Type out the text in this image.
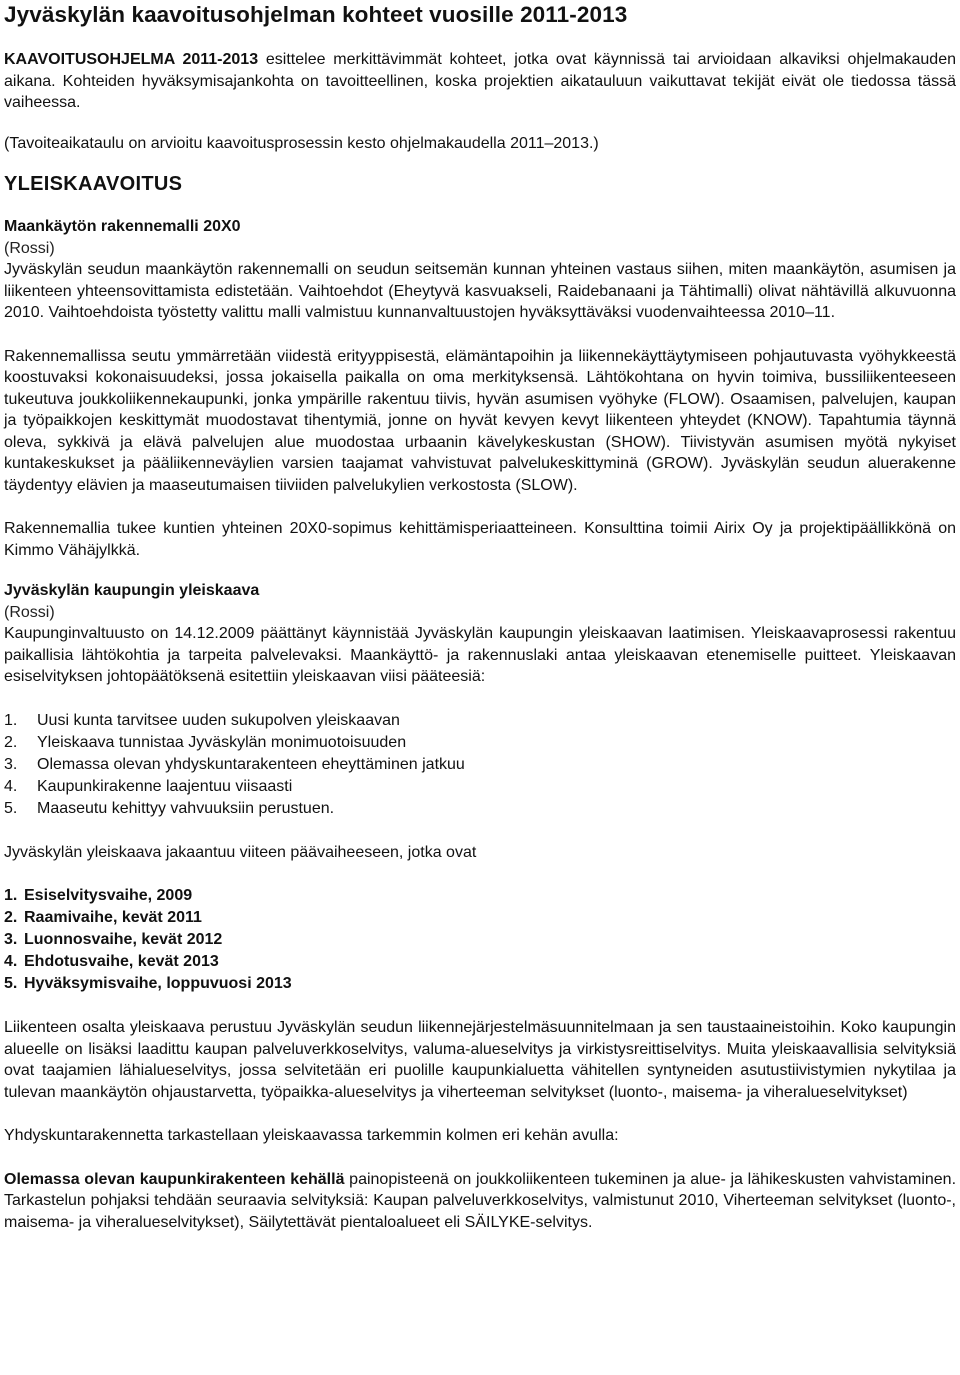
Jyväskylän kaavoitusohjelman kohteet vuosille 2011-2013

KAAVOITUSOHJELMA 2011-2013 esittelee merkittävimmät kohteet, jotka ovat käynnissä tai arvioidaan alkaviksi ohjelmakauden aikana. Kohteiden hyväksymisajankohta on tavoitteellinen, koska projektien aikatauluun vaikuttavat tekijät eivät ole tiedossa tässä vaiheessa.

(Tavoiteaikataulu on arvioitu kaavoitusprosessin kesto ohjelmakaudella 2011–2013.)

YLEISKAAVOITUS
Maankäytön rakennemalli 20X0
(Rossi)

Jyväskylän seudun maankäytön rakennemalli on seudun seitsemän kunnan yhteinen vastaus siihen, miten maankäytön, asumisen ja liikenteen yhteensovittamista edistetään. Vaihtoehdot (Eheytyvä kasvuakseli, Raidebanaani ja Tähtimalli) olivat nähtävillä alkuvuonna 2010. Vaihtoehdoista työstetty valittu malli valmistuu kunnanvaltuustojen hyväksyttäväksi vuodenvaihteessa 2010–11.

Rakennemallissa seutu ymmärretään viidestä erityyppisestä, elämäntapoihin ja liikennekäyttäytymiseen pohjautuvasta vyöhykkeestä koostuvaksi kokonaisuudeksi, jossa jokaisella paikalla on oma merkityksensä. Lähtökohtana on hyvin toimiva, bussiliikenteeseen tukeutuva joukkoliikennekaupunki, jonka ympärille rakentuu tiivis, hyvän asumisen vyöhyke (FLOW). Osaamisen, palvelujen, kaupan ja työpaikkojen keskittymät muodostavat tihentymiä, jonne on hyvät kevyen kevyt liikenteen yhteydet (KNOW). Tapahtumia täynnä oleva, sykkivä ja elävä palvelujen alue muodostaa urbaanin kävelykeskustan (SHOW). Tiivistyvän asumisen myötä nykyiset kuntakeskukset ja pääliikenneväylien varsien taajamat vahvistuvat palvelukeskittyminä (GROW). Jyväskylän seudun aluerakenne täydentyy elävien ja maaseutumaisen tiiviiden palvelukylien verkostosta (SLOW).

Rakennemallia tukee kuntien yhteinen 20X0-sopimus kehittämisperiaatteineen. Konsulttina toimii Airix Oy ja projektipäällikkönä on Kimmo Vähäjylkkä.

Jyväskylän kaupungin yleiskaava
(Rossi)

Kaupunginvaltuusto on 14.12.2009 päättänyt käynnistää Jyväskylän kaupungin yleiskaavan laatimisen. Yleiskaavaprosessi rakentuu paikallisia lähtökohtia ja tarpeita palvelevaksi. Maankäyttö- ja rakennuslaki antaa yleiskaavan etenemiselle puitteet. Yleiskaavan esiselvityksen johtopäätöksenä esitettiin yleiskaavan viisi pääteesiä:

1. Uusi kunta tarvitsee uuden sukupolven yleiskaavan
2. Yleiskaava tunnistaa Jyväskylän monimuotoisuuden
3. Olemassa olevan yhdyskuntarakenteen eheyttäminen jatkuu
4. Kaupunkirakenne laajentuu viisaasti
5. Maaseutu kehittyy vahvuuksiin perustuen.

Jyväskylän yleiskaava jakaantuu viiteen päävaiheeseen, jotka ovat

1. Esiselvitysvaihe, 2009
2. Raamivaihe, kevät 2011
3. Luonnosvaihe, kevät 2012
4. Ehdotusvaihe, kevät 2013
5. Hyväksymisvaihe, loppuvuosi 2013

Liikenteen osalta yleiskaava perustuu Jyväskylän seudun liikennejärjestelmäsuunnitelmaan ja sen taustaaineistoihin. Koko kaupungin alueelle on lisäksi laadittu kaupan palveluverkkoselvitys, valuma-alueselvitys ja virkistysreittiselvitys. Muita yleiskaavallisia selvityksiä ovat taajamien lähialueselvitys, jossa selvitetään eri puolille kaupunkialuetta vähitellen syntyneiden asutustiivistymien nykytilaa ja tulevan maankäytön ohjaustarvetta, työpaikka-alueselvitys ja viherteeman selvitykset (luonto-, maisema- ja viheralueselvitykset)

Yhdyskuntarakennetta tarkastellaan yleiskaavassa tarkemmin kolmen eri kehän avulla:

Olemassa olevan kaupunkirakenteen kehällä painopisteenä on joukkoliikenteen tukeminen ja alue- ja lähikeskusten vahvistaminen. Tarkastelun pohjaksi tehdään seuraavia selvityksiä: Kaupan palveluverkkoselvitys, valmistunut 2010, Viherteeman selvitykset (luonto-, maisema- ja viheralueselvitykset), Säilytettävät pientaloalueet eli SÄILYKE-selvitys.
